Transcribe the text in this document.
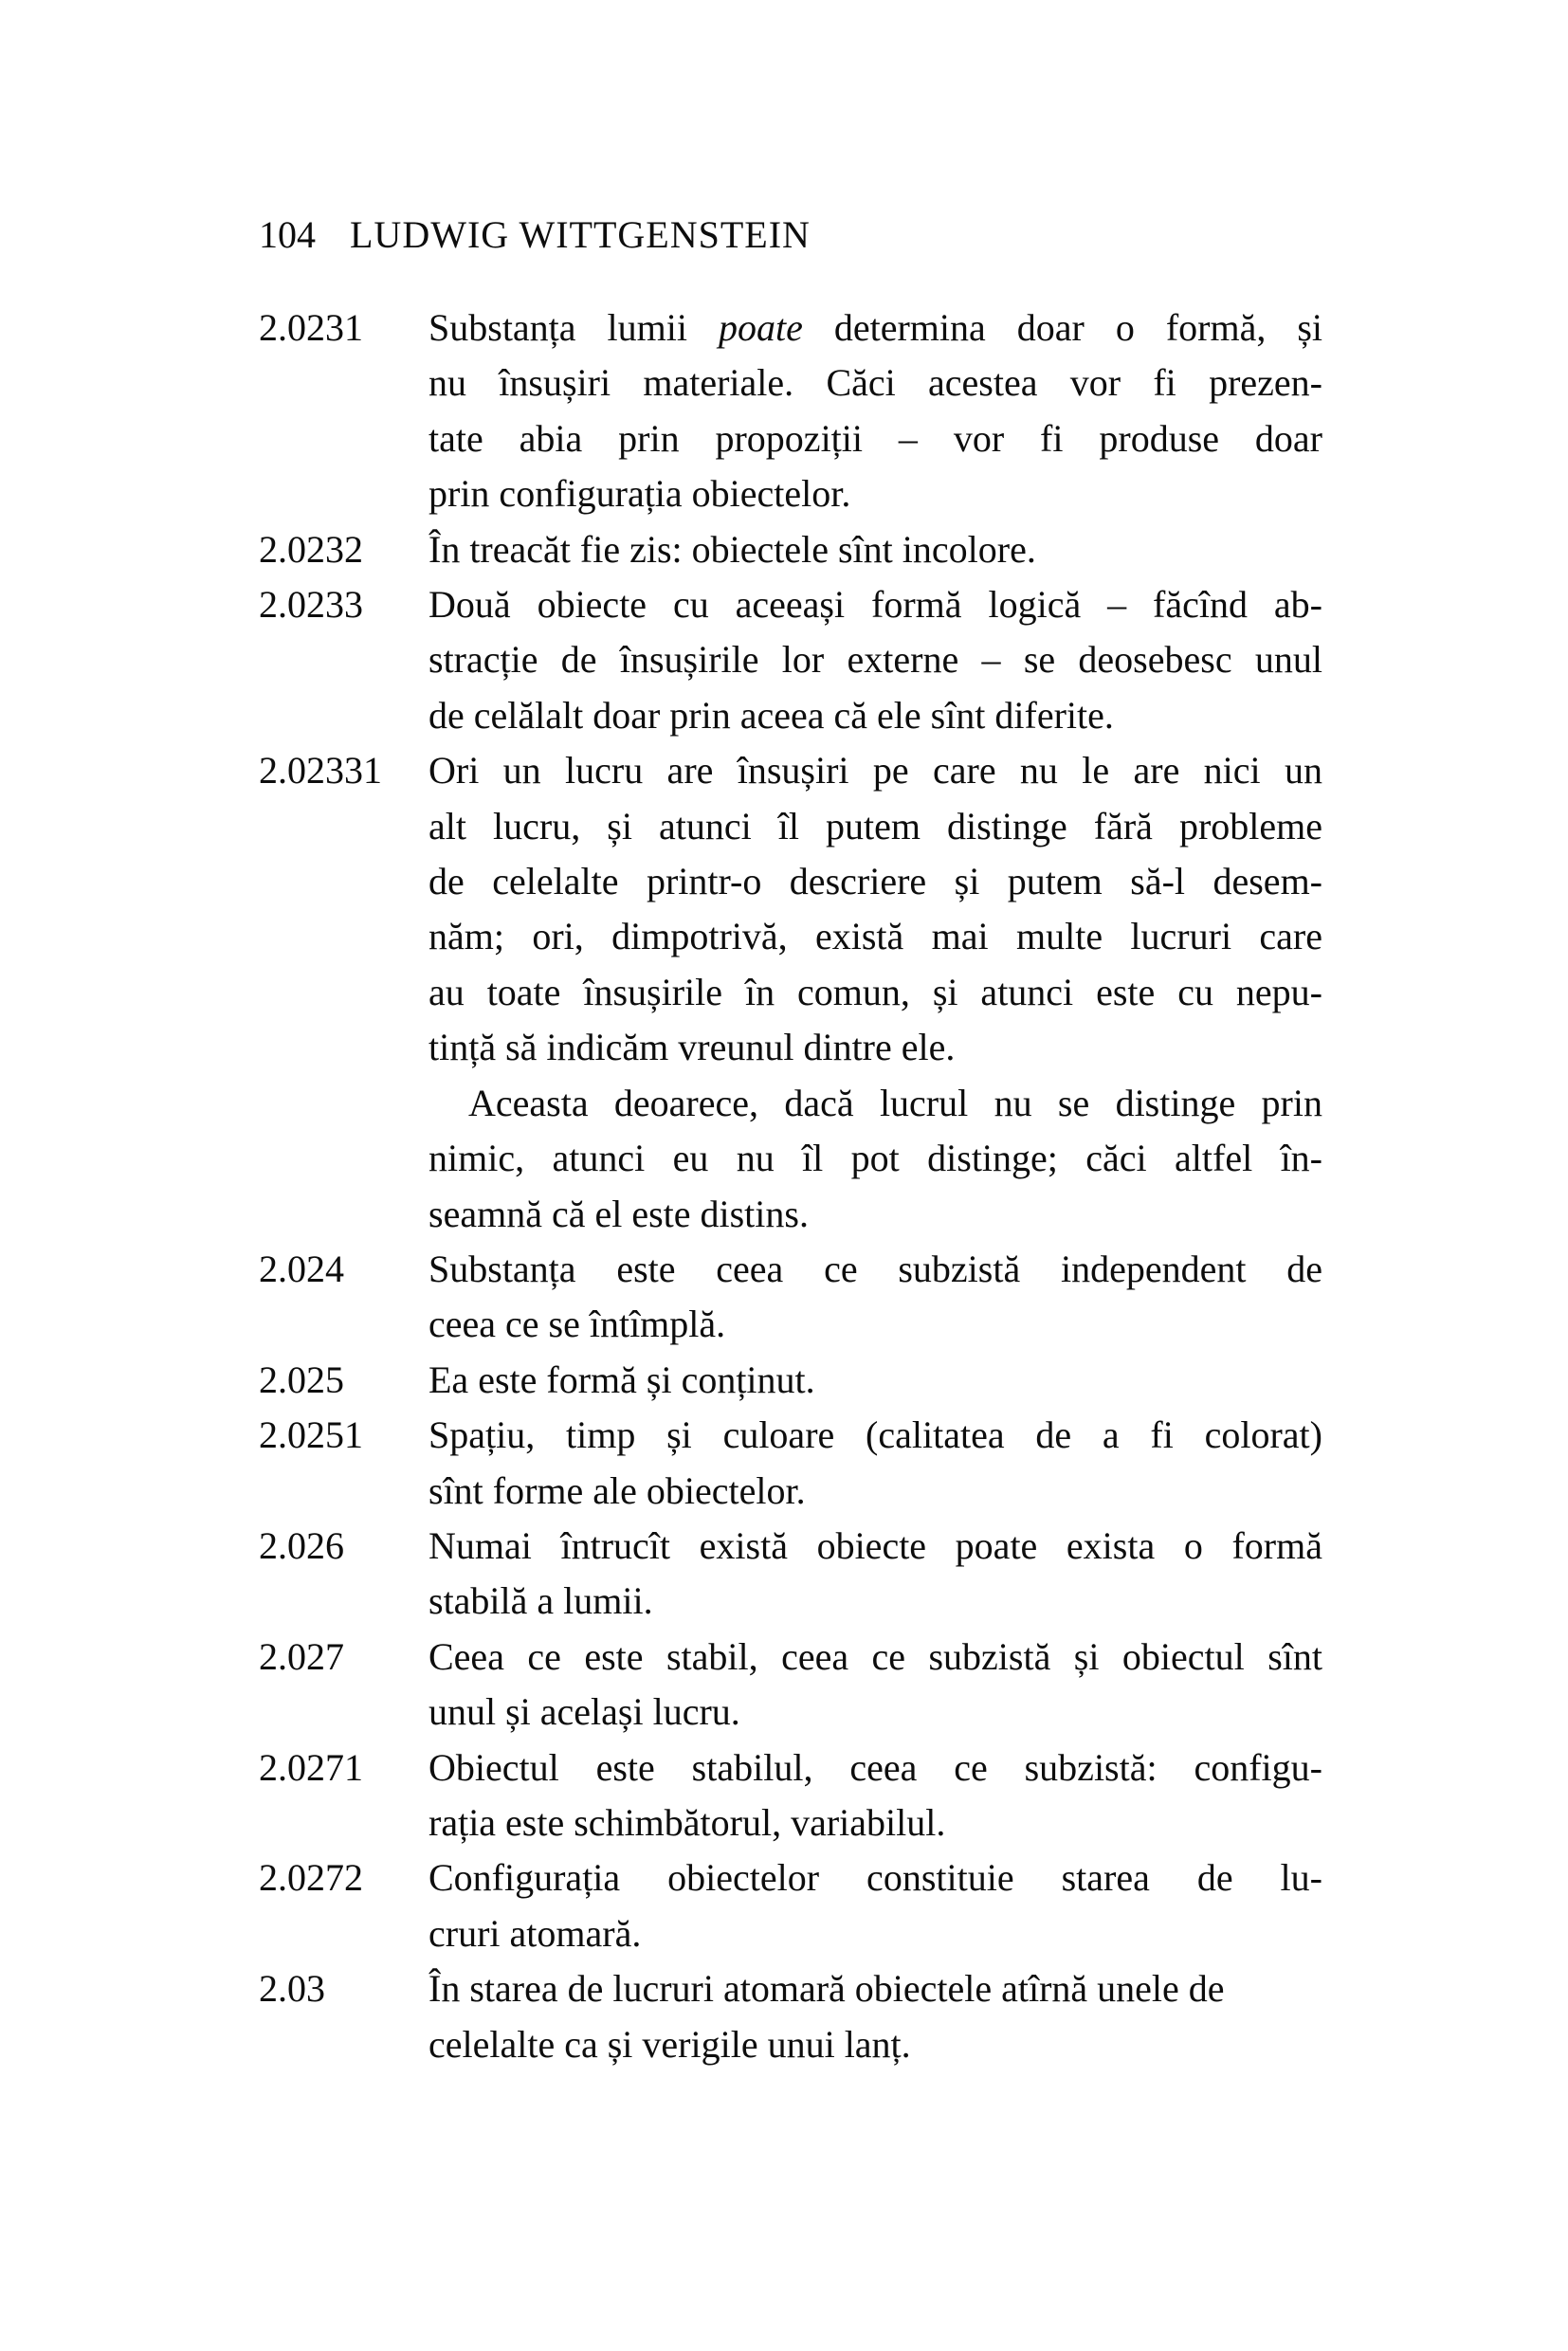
104 LUDWIG WITTGENSTEIN
2.0231	Substanța lumii poate determina doar o formă, și
nu însușiri materiale. Căci acestea vor fi prezen-
tate abia prin propoziții – vor fi produse doar
prin configurația obiectelor.
2.0232	În treacăt fie zis: obiectele sînt incolore.
2.0233	Două obiecte cu aceeași formă logică – făcînd ab-
stracție de însușirile lor externe – se deosebesc unul
de celălalt doar prin aceea că ele sînt diferite.
2.02331	Ori un lucru are însușiri pe care nu le are nici un
alt lucru, și atunci îl putem distinge fără probleme
de celelalte printr-o descriere și putem să-l desem-
năm; ori, dimpotrivă, există mai multe lucruri care
au toate însușirile în comun, și atunci este cu nepu-
tință să indicăm vreunul dintre ele.
Aceasta deoarece, dacă lucrul nu se distinge prin
nimic, atunci eu nu îl pot distinge; căci altfel în-
seamnă că el este distins.
2.024	Substanța este ceea ce subzistă independent de
ceea ce se întîmplă.
2.025	Ea este formă și conținut.
2.0251	Spațiu, timp și culoare (calitatea de a fi colorat)
sînt forme ale obiectelor.
2.026	Numai întrucît există obiecte poate exista o formă
stabilă a lumii.
2.027	Ceea ce este stabil, ceea ce subzistă și obiectul sînt
unul și același lucru.
2.0271	Obiectul este stabilul, ceea ce subzistă: configu-
rația este schimbătorul, variabilul.
2.0272	Configurația obiectelor constituie starea de lu-
cruri atomară.
2.03	În starea de lucruri atomară obiectele atîrnă unele de
celelalte ca și verigile unui lanț.
